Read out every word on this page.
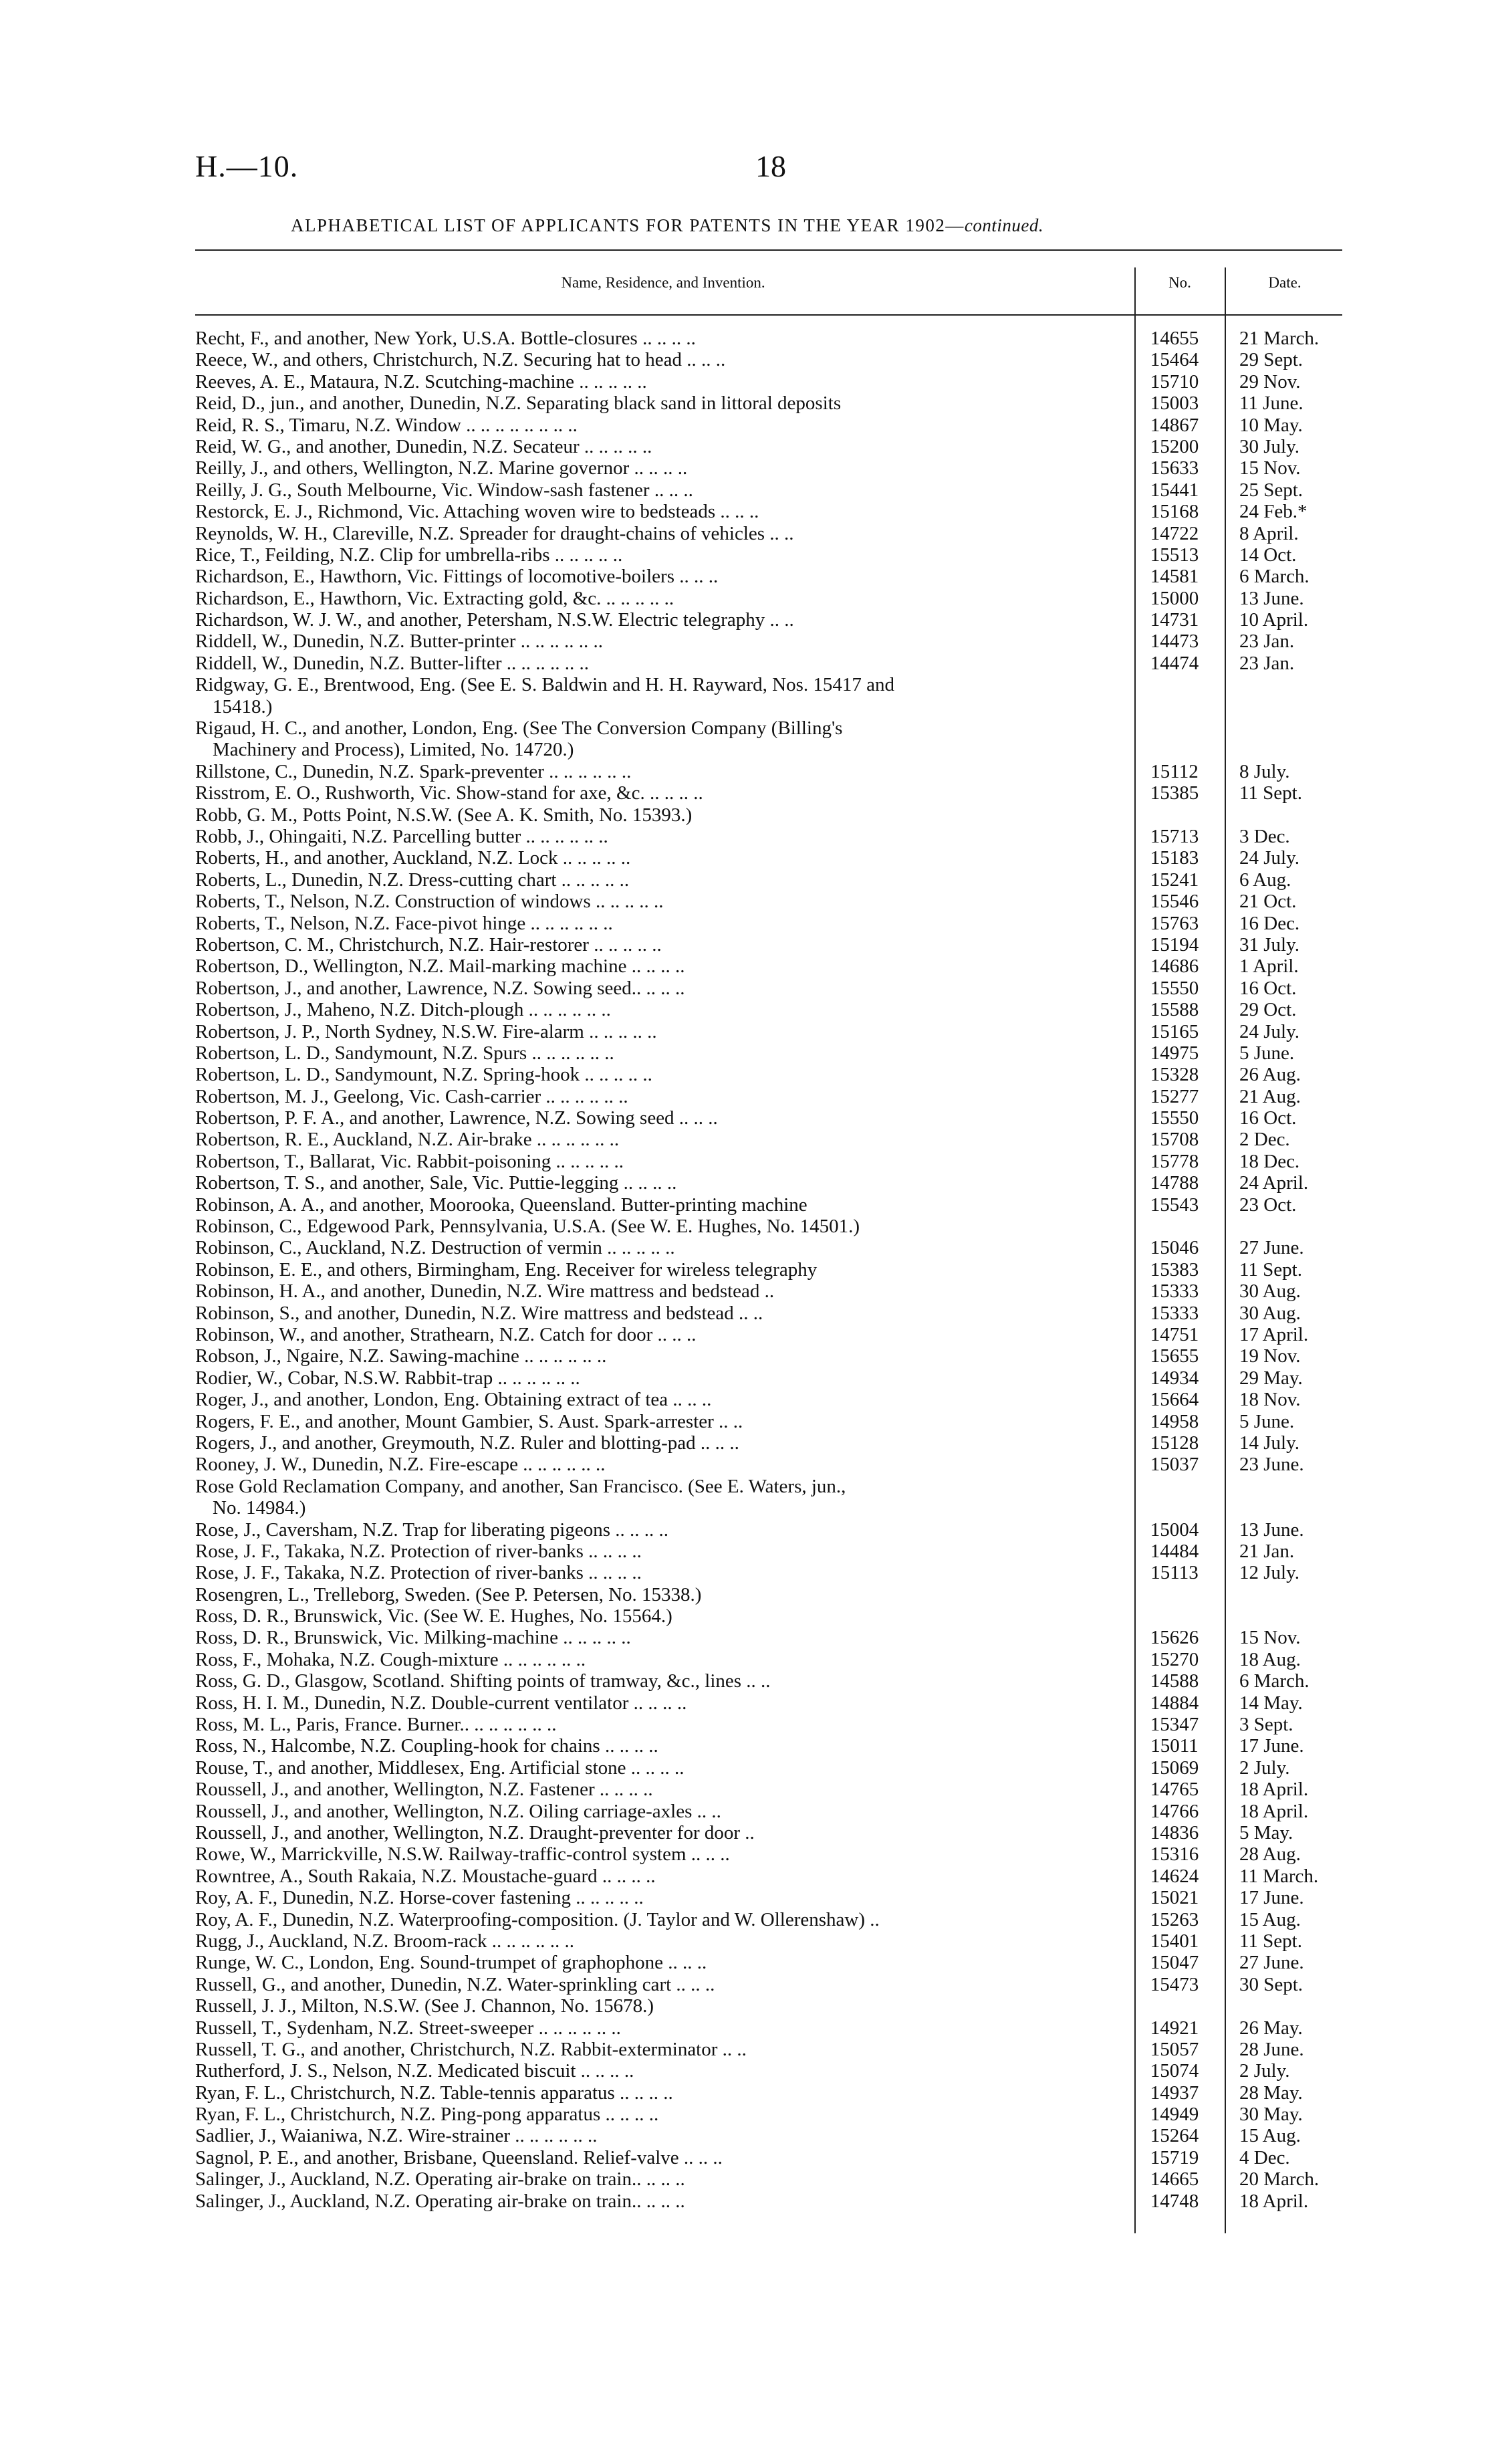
H.—10.	18
ALPHABETICAL LIST OF APPLICANTS FOR PATENTS IN THE YEAR 1902—continued.
Name, Residence, and Invention.	No.	Date.
Recht, F., and another, New York, U.S.A. Bottle-closures .. .. .. ..	14655	21 March.
Reece, W., and others, Christchurch, N.Z. Securing hat to head .. .. ..	15464	29 Sept.
Reeves, A. E., Mataura, N.Z. Scutching-machine .. .. .. .. ..	15710	29 Nov.
Reid, D., jun., and another, Dunedin, N.Z. Separating black sand in littoral deposits	15003	11 June.
Reid, R. S., Timaru, N.Z. Window .. .. .. .. .. .. .. ..	14867	10 May.
Reid, W. G., and another, Dunedin, N.Z. Secateur .. .. .. .. ..	15200	30 July.
Reilly, J., and others, Wellington, N.Z. Marine governor .. .. .. ..	15633	15 Nov.
Reilly, J. G., South Melbourne, Vic. Window-sash fastener .. .. ..	15441	25 Sept.
Restorck, E. J., Richmond, Vic. Attaching woven wire to bedsteads .. .. ..	15168	24 Feb.*
Reynolds, W. H., Clareville, N.Z. Spreader for draught-chains of vehicles .. ..	14722	8 April.
Rice, T., Feilding, N.Z. Clip for umbrella-ribs .. .. .. .. ..	15513	14 Oct.
Richardson, E., Hawthorn, Vic. Fittings of locomotive-boilers .. .. ..	14581	6 March.
Richardson, E., Hawthorn, Vic. Extracting gold, &c. .. .. .. .. ..	15000	13 June.
Richardson, W. J. W., and another, Petersham, N.S.W. Electric telegraphy .. ..	14731	10 April.
Riddell, W., Dunedin, N.Z. Butter-printer .. .. .. .. .. ..	14473	23 Jan.
Riddell, W., Dunedin, N.Z. Butter-lifter .. .. .. .. .. ..	14474	23 Jan.
Ridgway, G. E., Brentwood, Eng. (See E. S. Baldwin and H. H. Rayward, Nos. 15417 and
15418.)
Rigaud, H. C., and another, London, Eng. (See The Conversion Company (Billing's
Machinery and Process), Limited, No. 14720.)
Rillstone, C., Dunedin, N.Z. Spark-preventer .. .. .. .. .. ..	15112	8 July.
Risstrom, E. O., Rushworth, Vic. Show-stand for axe, &c. .. .. .. ..	15385	11 Sept.
Robb, G. M., Potts Point, N.S.W. (See A. K. Smith, No. 15393.)
Robb, J., Ohingaiti, N.Z. Parcelling butter .. .. .. .. .. ..	15713	3 Dec.
Roberts, H., and another, Auckland, N.Z. Lock .. .. .. .. ..	15183	24 July.
Roberts, L., Dunedin, N.Z. Dress-cutting chart .. .. .. .. ..	15241	6 Aug.
Roberts, T., Nelson, N.Z. Construction of windows .. .. .. .. ..	15546	21 Oct.
Roberts, T., Nelson, N.Z. Face-pivot hinge .. .. .. .. .. ..	15763	16 Dec.
Robertson, C. M., Christchurch, N.Z. Hair-restorer .. .. .. .. ..	15194	31 July.
Robertson, D., Wellington, N.Z. Mail-marking machine .. .. .. ..	14686	1 April.
Robertson, J., and another, Lawrence, N.Z. Sowing seed.. .. .. ..	15550	16 Oct.
Robertson, J., Maheno, N.Z. Ditch-plough .. .. .. .. .. ..	15588	29 Oct.
Robertson, J. P., North Sydney, N.S.W. Fire-alarm .. .. .. .. ..	15165	24 July.
Robertson, L. D., Sandymount, N.Z. Spurs .. .. .. .. .. ..	14975	5 June.
Robertson, L. D., Sandymount, N.Z. Spring-hook .. .. .. .. ..	15328	26 Aug.
Robertson, M. J., Geelong, Vic. Cash-carrier .. .. .. .. .. ..	15277	21 Aug.
Robertson, P. F. A., and another, Lawrence, N.Z. Sowing seed .. .. ..	15550	16 Oct.
Robertson, R. E., Auckland, N.Z. Air-brake .. .. .. .. .. ..	15708	2 Dec.
Robertson, T., Ballarat, Vic. Rabbit-poisoning .. .. .. .. ..	15778	18 Dec.
Robertson, T. S., and another, Sale, Vic. Puttie-legging .. .. .. ..	14788	24 April.
Robinson, A. A., and another, Moorooka, Queensland. Butter-printing machine	15543	23 Oct.
Robinson, C., Edgewood Park, Pennsylvania, U.S.A. (See W. E. Hughes, No. 14501.)
Robinson, C., Auckland, N.Z. Destruction of vermin .. .. .. .. ..	15046	27 June.
Robinson, E. E., and others, Birmingham, Eng. Receiver for wireless telegraphy	15383	11 Sept.
Robinson, H. A., and another, Dunedin, N.Z. Wire mattress and bedstead ..	15333	30 Aug.
Robinson, S., and another, Dunedin, N.Z. Wire mattress and bedstead .. ..	15333	30 Aug.
Robinson, W., and another, Strathearn, N.Z. Catch for door .. .. ..	14751	17 April.
Robson, J., Ngaire, N.Z. Sawing-machine .. .. .. .. .. ..	15655	19 Nov.
Rodier, W., Cobar, N.S.W. Rabbit-trap .. .. .. .. .. ..	14934	29 May.
Roger, J., and another, London, Eng. Obtaining extract of tea .. .. ..	15664	18 Nov.
Rogers, F. E., and another, Mount Gambier, S. Aust. Spark-arrester .. ..	14958	5 June.
Rogers, J., and another, Greymouth, N.Z. Ruler and blotting-pad .. .. ..	15128	14 July.
Rooney, J. W., Dunedin, N.Z. Fire-escape .. .. .. .. .. ..	15037	23 June.
Rose Gold Reclamation Company, and another, San Francisco. (See E. Waters, jun.,
No. 14984.)
Rose, J., Caversham, N.Z. Trap for liberating pigeons .. .. .. ..	15004	13 June.
Rose, J. F., Takaka, N.Z. Protection of river-banks .. .. .. ..	14484	21 Jan.
Rose, J. F., Takaka, N.Z. Protection of river-banks .. .. .. ..	15113	12 July.
Rosengren, L., Trelleborg, Sweden. (See P. Petersen, No. 15338.)
Ross, D. R., Brunswick, Vic. (See W. E. Hughes, No. 15564.)
Ross, D. R., Brunswick, Vic. Milking-machine .. .. .. .. ..	15626	15 Nov.
Ross, F., Mohaka, N.Z. Cough-mixture .. .. .. .. .. ..	15270	18 Aug.
Ross, G. D., Glasgow, Scotland. Shifting points of tramway, &c., lines .. ..	14588	6 March.
Ross, H. I. M., Dunedin, N.Z. Double-current ventilator .. .. .. ..	14884	14 May.
Ross, M. L., Paris, France. Burner.. .. .. .. .. .. ..	15347	3 Sept.
Ross, N., Halcombe, N.Z. Coupling-hook for chains .. .. .. ..	15011	17 June.
Rouse, T., and another, Middlesex, Eng. Artificial stone .. .. .. ..	15069	2 July.
Roussell, J., and another, Wellington, N.Z. Fastener .. .. .. ..	14765	18 April.
Roussell, J., and another, Wellington, N.Z. Oiling carriage-axles .. ..	14766	18 April.
Roussell, J., and another, Wellington, N.Z. Draught-preventer for door ..	14836	5 May.
Rowe, W., Marrickville, N.S.W. Railway-traffic-control system .. .. ..	15316	28 Aug.
Rowntree, A., South Rakaia, N.Z. Moustache-guard .. .. .. ..	14624	11 March.
Roy, A. F., Dunedin, N.Z. Horse-cover fastening .. .. .. .. ..	15021	17 June.
Roy, A. F., Dunedin, N.Z. Waterproofing-composition. (J. Taylor and W. Ollerenshaw) ..	15263	15 Aug.
Rugg, J., Auckland, N.Z. Broom-rack .. .. .. .. .. ..	15401	11 Sept.
Runge, W. C., London, Eng. Sound-trumpet of graphophone .. .. ..	15047	27 June.
Russell, G., and another, Dunedin, N.Z. Water-sprinkling cart .. .. ..	15473	30 Sept.
Russell, J. J., Milton, N.S.W. (See J. Channon, No. 15678.)
Russell, T., Sydenham, N.Z. Street-sweeper .. .. .. .. .. ..	14921	26 May.
Russell, T. G., and another, Christchurch, N.Z. Rabbit-exterminator .. ..	15057	28 June.
Rutherford, J. S., Nelson, N.Z. Medicated biscuit .. .. .. ..	15074	2 July.
Ryan, F. L., Christchurch, N.Z. Table-tennis apparatus .. .. .. ..	14937	28 May.
Ryan, F. L., Christchurch, N.Z. Ping-pong apparatus .. .. .. ..	14949	30 May.
Sadlier, J., Waianiwa, N.Z. Wire-strainer .. .. .. .. .. ..	15264	15 Aug.
Sagnol, P. E., and another, Brisbane, Queensland. Relief-valve .. .. ..	15719	4 Dec.
Salinger, J., Auckland, N.Z. Operating air-brake on train.. .. .. ..	14665	20 March.
Salinger, J., Auckland, N.Z. Operating air-brake on train.. .. .. ..	14748	18 April.
